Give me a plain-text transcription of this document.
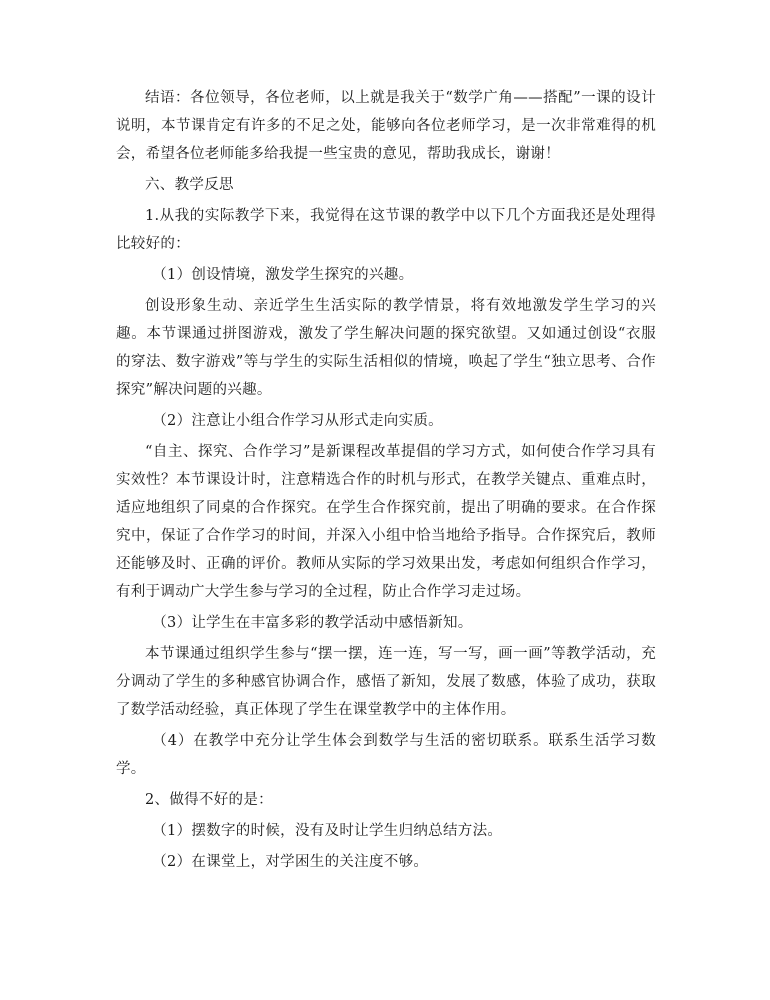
结语：各位领导，各位老师，以上就是我关于“数学广角——搭配”一课的设计说明，本节课肯定有许多的不足之处，能够向各位老师学习，是一次非常难得的机会，希望各位老师能多给我提一些宝贵的意见，帮助我成长，谢谢！

六、教学反思

1.从我的实际教学下来，我觉得在这节课的教学中以下几个方面我还是处理得比较好的：

（1）创设情境，激发学生探究的兴趣。

创设形象生动、亲近学生生活实际的教学情景，将有效地激发学生学习的兴趣。本节课通过拼图游戏，激发了学生解决问题的探究欲望。又如通过创设“衣服的穿法、数字游戏”等与学生的实际生活相似的情境，唤起了学生“独立思考、合作探究”解决问题的兴趣。

（2）注意让小组合作学习从形式走向实质。

“自主、探究、合作学习”是新课程改革提倡的学习方式，如何使合作学习具有实效性？本节课设计时，注意精选合作的时机与形式，在教学关键点、重难点时，适应地组织了同桌的合作探究。在学生合作探究前，提出了明确的要求。在合作探究中，保证了合作学习的时间，并深入小组中恰当地给予指导。合作探究后，教师还能够及时、正确的评价。教师从实际的学习效果出发，考虑如何组织合作学习，有利于调动广大学生参与学习的全过程，防止合作学习走过场。

（3）让学生在丰富多彩的教学活动中感悟新知。

本节课通过组织学生参与“摆一摆，连一连，写一写，画一画”等教学活动，充分调动了学生的多种感官协调合作，感悟了新知，发展了数感，体验了成功，获取了数学活动经验，真正体现了学生在课堂教学中的主体作用。

（4）在教学中充分让学生体会到数学与生活的密切联系。联系生活学习数学。

2、做得不好的是：

（1）摆数字的时候，没有及时让学生归纳总结方法。

（2）在课堂上，对学困生的关注度不够。
